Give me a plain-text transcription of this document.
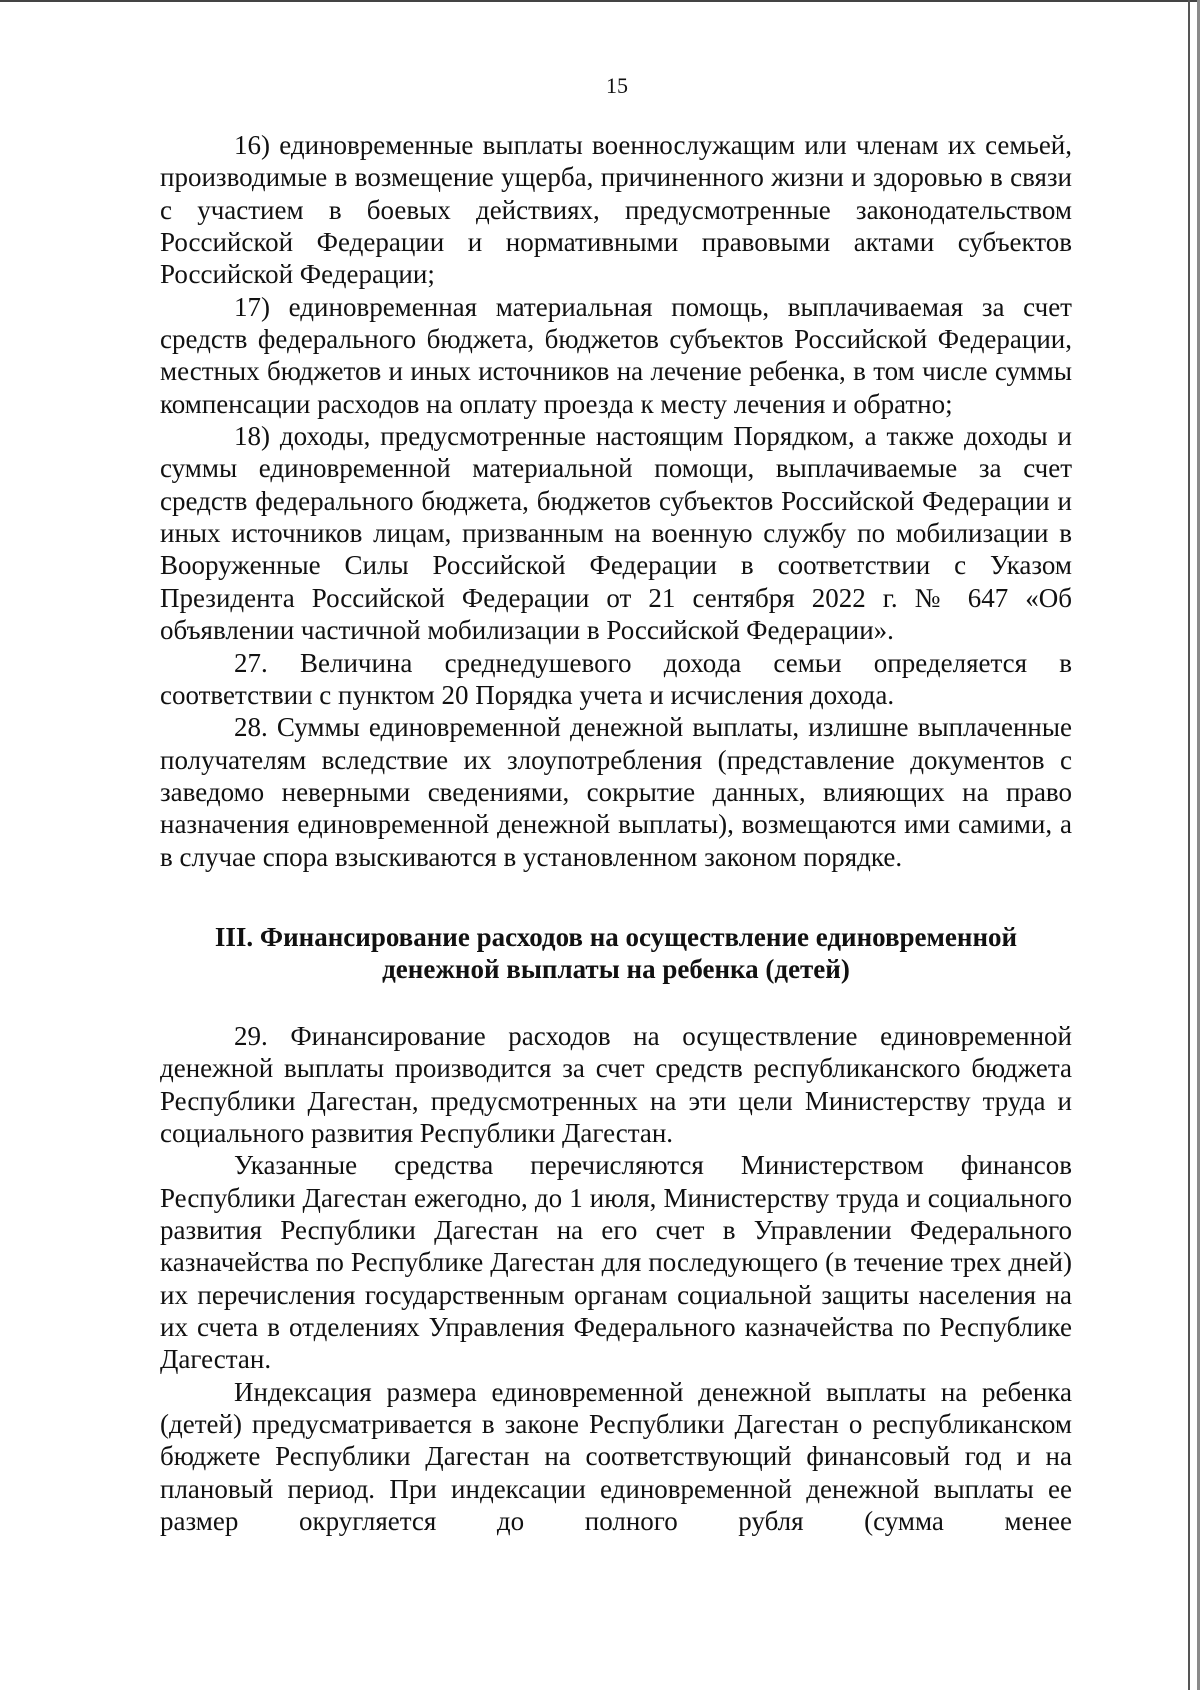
15

16) единовременные выплаты военнослужащим или членам их семьей, производимые в возмещение ущерба, причиненного жизни и здоровью в связи с участием в боевых действиях, предусмотренные законодательством Российской Федерации и нормативными правовыми актами субъектов Российской Федерации;

17) единовременная материальная помощь, выплачиваемая за счет средств федерального бюджета, бюджетов субъектов Российской Федерации, местных бюджетов и иных источников на лечение ребенка, в том числе суммы компенсации расходов на оплату проезда к месту лечения и обратно;

18) доходы, предусмотренные настоящим Порядком, а также доходы и суммы единовременной материальной помощи, выплачиваемые за счет средств федерального бюджета, бюджетов субъектов Российской Федерации и иных источников лицам, призванным на военную службу по мобилизации в Вооруженные Силы Российской Федерации в соответствии с Указом Президента Российской Федерации от 21 сентября 2022 г. № 647 «Об объявлении частичной мобилизации в Российской Федерации».

27. Величина среднедушевого дохода семьи определяется в соответствии с пунктом 20 Порядка учета и исчисления дохода.

28. Суммы единовременной денежной выплаты, излишне выплаченные получателям вследствие их злоупотребления (представление документов с заведомо неверными сведениями, сокрытие данных, влияющих на право назначения единовременной денежной выплаты), возмещаются ими самими, а в случае спора взыскиваются в установленном законом порядке.

III. Финансирование расходов на осуществление единовременной
денежной выплаты на ребенка (детей)

29. Финансирование расходов на осуществление единовременной денежной выплаты производится за счет средств республиканского бюджета Республики Дагестан, предусмотренных на эти цели Министерству труда и социального развития Республики Дагестан.

Указанные средства перечисляются Министерством финансов Республики Дагестан ежегодно, до 1 июля, Министерству труда и социального развития Республики Дагестан на его счет в Управлении Федерального казначейства по Республике Дагестан для последующего (в течение трех дней) их перечисления государственным органам социальной защиты населения на их счета в отделениях Управления Федерального казначейства по Республике Дагестан.

Индексация размера единовременной денежной выплаты на ребенка (детей) предусматривается в законе Республики Дагестан о республиканском бюджете Республики Дагестан на соответствующий финансовый год и на плановый период. При индексации единовременной денежной выплаты ее размер округляется до полного рубля (сумма менее
